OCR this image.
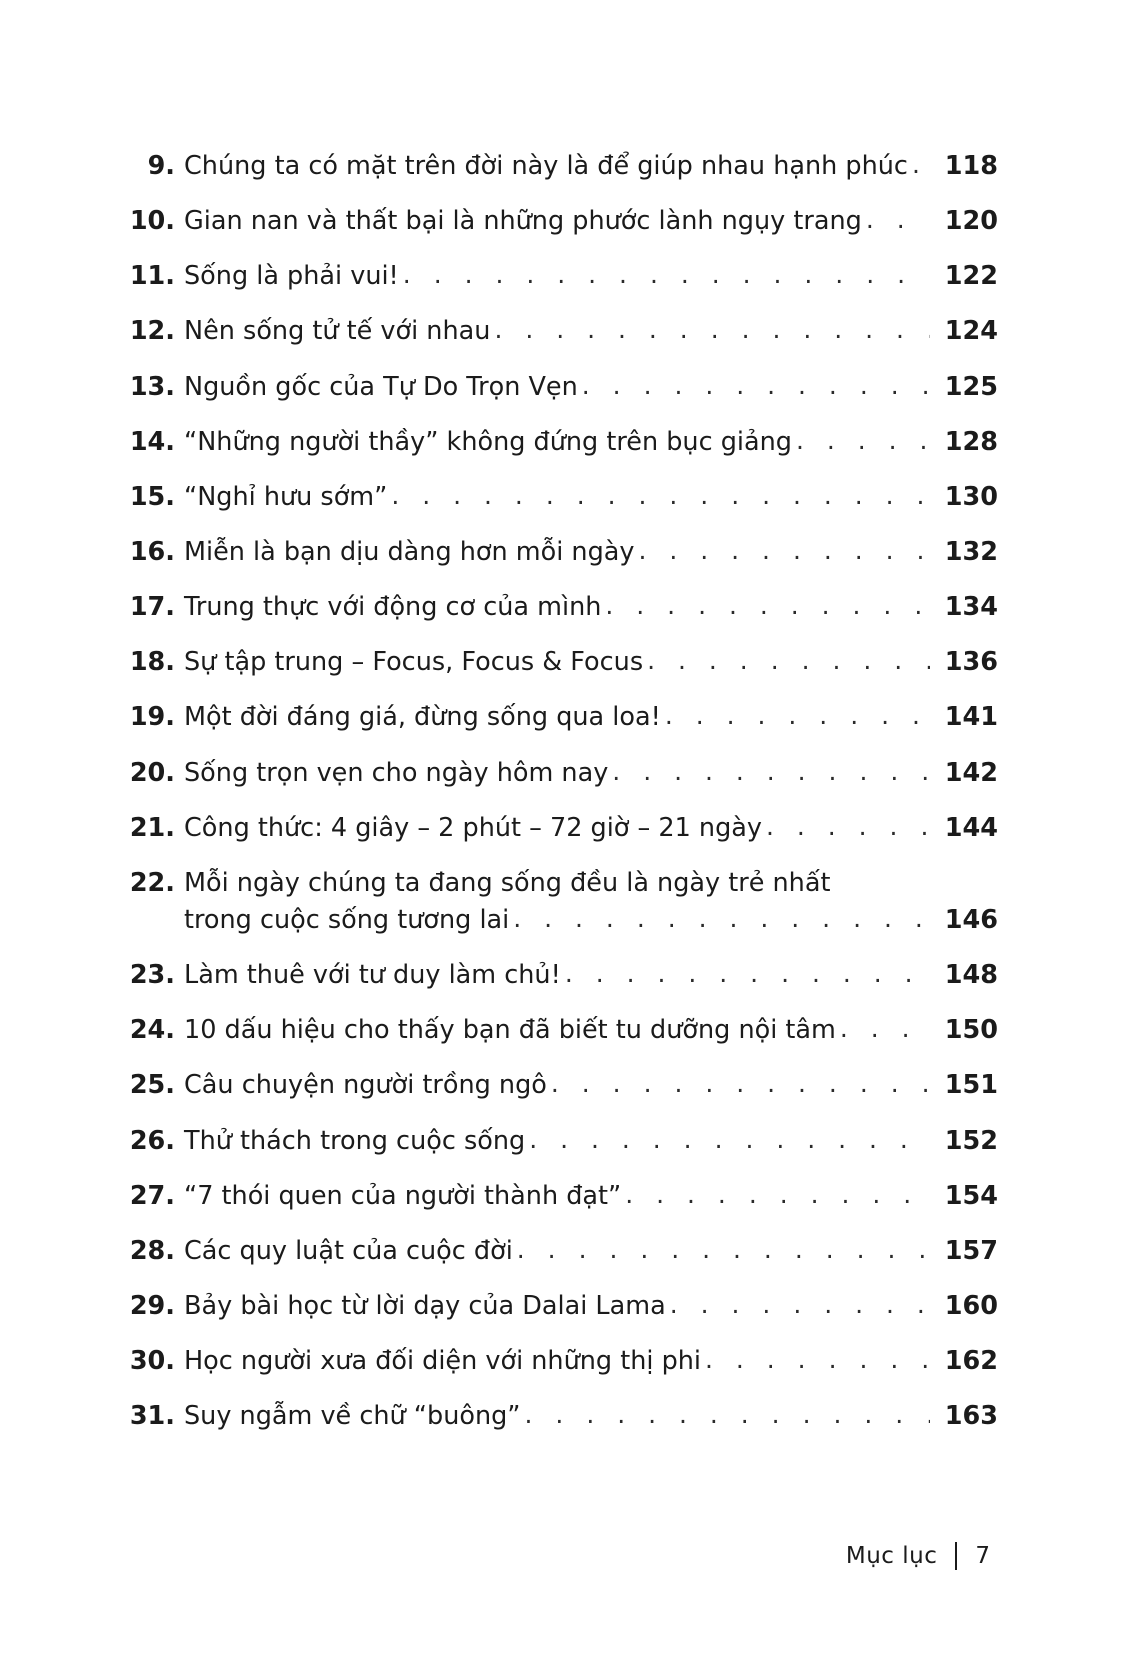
9. Chúng ta có mặt trên đời này là để giúp nhau hạnh phúc . . . 118
10. Gian nan và thất bại là những phước lành ngụy trang . . .	120
11. Sống là phải vui! . . .	122
12. Nên sống tử tế với nhau . . .	124
13. Nguồn gốc của Tự Do Trọn Vẹn . . .	125
14. “Những người thầy” không đứng trên bục giảng . . .	128
15. “Nghỉ hưu sớm” . . .	130
16. Miễn là bạn dịu dàng hơn mỗi ngày . . .	132
17. Trung thực với động cơ của mình . . .	134
18. Sự tập trung – Focus, Focus & Focus . . .	136
19. Một đời đáng giá, đừng sống qua loa! . . .	141
20. Sống trọn vẹn cho ngày hôm nay . . .	142
21. Công thức: 4 giây – 2 phút – 72 giờ – 21 ngày . . .	144
22. Mỗi ngày chúng ta đang sống đều là ngày trẻ nhất
trong cuộc sống tương lai . . .	146
23. Làm thuê với tư duy làm chủ! . . .	148
24. 10 dấu hiệu cho thấy bạn đã biết tu dưỡng nội tâm . . .	150
25. Câu chuyện người trồng ngô . . .	151
26. Thử thách trong cuộc sống . . .	152
27. “7 thói quen của người thành đạt” . . .	154
28. Các quy luật của cuộc đời . . .	157
29. Bảy bài học từ lời dạy của Dalai Lama . . .	160
30. Học người xưa đối diện với những thị phi . . .	162
31. Suy ngẫm về chữ “buông” . . .	163
Mục lục 7
